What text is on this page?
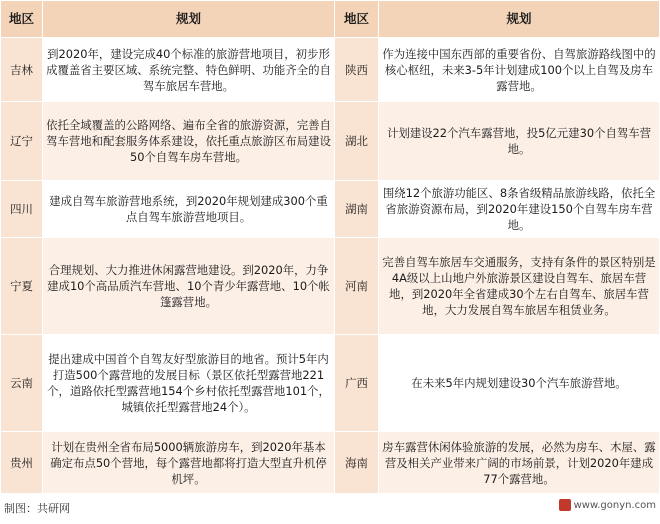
地区	规划	地区	规划
吉林	到2020年，建设完成40个标准的旅游营地项目，初步形成覆盖省主要区域、系统完整、特色鲜明、功能齐全的自驾车旅居车营地。	陕西	作为连接中国东西部的重要省份、自驾旅游路线图中的核心枢纽，未来3-5年计划建成100个以上自驾及房车露营地。
辽宁	依托全域覆盖的公路网络、遍布全省的旅游资源，完善自驾车营地和配套服务体系建设，依托重点旅游区布局建设50个自驾车房车营地。	湖北	计划建设22个汽车露营地，投5亿元建30个自驾车营地。
四川	建成自驾车旅游营地系统，到2020年规划建成300个重点自驾车旅游营地项目。	湖南	围绕12个旅游功能区、8条省级精品旅游线路，依托全省旅游资源布局，到2020年建设150个自驾车房车营地。
宁夏	合理规划、大力推进休闲露营地建设。到2020年，力争建成10个高品质汽车营地、10个青少年露营地、10个帐篷露营地。	河南	完善自驾车旅居车交通服务，支持有条件的景区特别是4A级以上山地户外旅游景区建设自驾车、旅居车营地，到2020年全省建成30个左右自驾车、旅居车营地，大力发展自驾车旅居车租赁业务。
云南	提出建成中国首个自驾友好型旅游目的地省。预计5年内打造500个露营地的发展目标（景区依托型露营地221个，道路依托型露营地154个乡村依托型露营地101个，城镇依托型露营地24个）。	广西	在未来5年内规划建设30个汽车旅游营地。
贵州	计划在贵州全省布局5000辆旅游房车，到2020年基本确定布点50个营地，每个露营地都将打造大型直升机停机坪。	海南	房车露营休闲体验旅游的发展，必然为房车、木屋、露营及相关产业带来广阔的市场前景，计划2020年建成77个露营地。
制图：共研网	www.gonyn.com
